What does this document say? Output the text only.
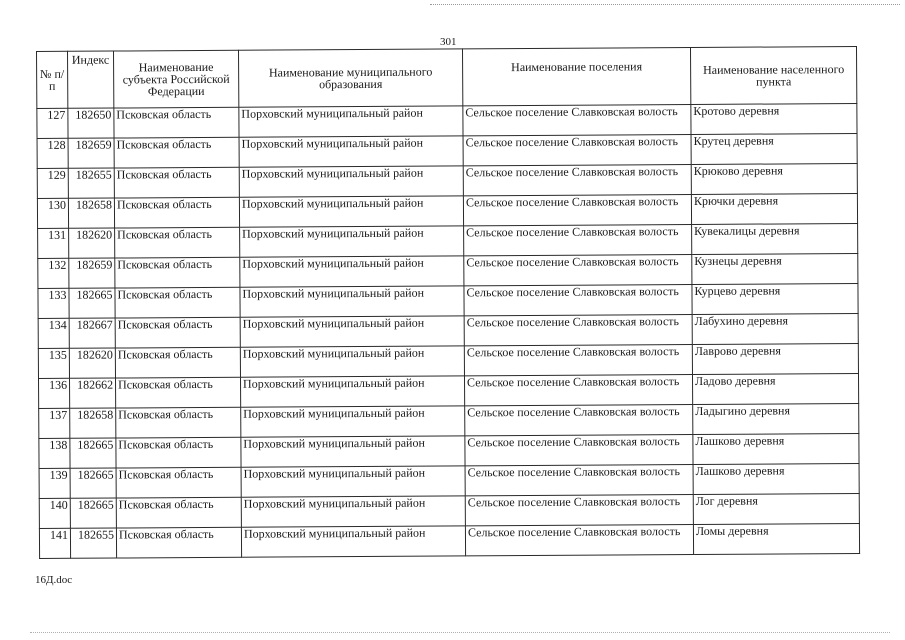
301
№ п/п	Индекс	Наименование субъекта Российской Федерации	Наименование муниципального образования	Наименование поселения	Наименование населенного пункта
127	182650	Псковская область	Порховский муниципальный район	Сельское поселение Славковская волость	Кротово деревня
128	182659	Псковская область	Порховский муниципальный район	Сельское поселение Славковская волость	Крутец деревня
129	182655	Псковская область	Порховский муниципальный район	Сельское поселение Славковская волость	Крюково деревня
130	182658	Псковская область	Порховский муниципальный район	Сельское поселение Славковская волость	Крючки деревня
131	182620	Псковская область	Порховский муниципальный район	Сельское поселение Славковская волость	Кувекалицы деревня
132	182659	Псковская область	Порховский муниципальный район	Сельское поселение Славковская волость	Кузнецы деревня
133	182665	Псковская область	Порховский муниципальный район	Сельское поселение Славковская волость	Курцево деревня
134	182667	Псковская область	Порховский муниципальный район	Сельское поселение Славковская волость	Лабухино деревня
135	182620	Псковская область	Порховский муниципальный район	Сельское поселение Славковская волость	Лаврово деревня
136	182662	Псковская область	Порховский муниципальный район	Сельское поселение Славковская волость	Ладово деревня
137	182658	Псковская область	Порховский муниципальный район	Сельское поселение Славковская волость	Ладыгино деревня
138	182665	Псковская область	Порховский муниципальный район	Сельское поселение Славковская волость	Лашково деревня
139	182665	Псковская область	Порховский муниципальный район	Сельское поселение Славковская волость	Лашково деревня
140	182665	Псковская область	Порховский муниципальный район	Сельское поселение Славковская волость	Лог деревня
141	182655	Псковская область	Порховский муниципальный район	Сельское поселение Славковская волость	Ломы деревня
16Д.doc
